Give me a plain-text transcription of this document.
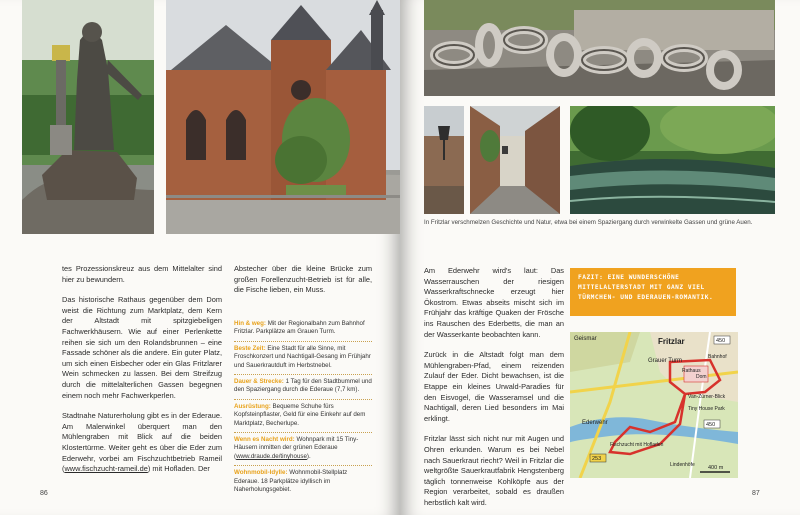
tes Prozessionskreuz aus dem Mittelalter sind hier zu bewundern.

Das historische Rathaus gegenüber dem Dom weist die Richtung zum Marktplatz, dem Kern der Altstadt mit spitzgiebeligen Fachwerkhäusern. Wie auf einer Perlenkette reihen sie sich um den Rolandsbrunnen – eine Fassade schöner als die andere. Ein guter Platz, um sich einen Eisbecher oder ein Glas Fritzlarer Wein schmecken zu lassen. Bei dem Streifzug durch die mittelalterlichen Gassen begegnen einem noch mehr Fachwerkperlen.

Stadtnahe Naturerholung gibt es in der Ederaue. Am Malerwinkel überquert man den Mühlengraben mit Blick auf die beiden Klostertürme. Weiter geht es über die Eder zum Ederwehr, vorbei am Fischzuchtbetrieb Rameil (www.fischzucht-rameil.de) mit Hofladen. Der

Abstecher über die kleine Brücke zum großen Forellenzucht-Betrieb ist für alle, die Fische lieben, ein Muss.

Hin & weg: Mit der Regionalbahn zum Bahnhof Fritzlar. Parkplätze am Grauen Turm.
Beste Zeit: Eine Stadt für alle Sinne, mit Froschkonzert und Nachtigall-Gesang im Frühjahr und Sauerkrautduft im Herbstnebel.
Dauer & Strecke: 1 Tag für den Stadtbummel und den Spaziergang durch die Ederaue (7,7 km).
Ausrüstung: Bequeme Schuhe fürs Kopfsteinpflaster, Geld für eine Einkehr auf dem Marktplatz, Becherlupe.
Wenn es Nacht wird: Wohnpark mit 15 Tiny-Häusern inmitten der grünen Ederaue (www.draude.de/tinyhouse).
Wohnmobil-Idylle: Wohnmobil-Stellplatz Ederaue. 18 Parkplätze idyllisch im Naherholungsgebiet.
86
In Fritzlar verschmelzen Geschichte und Natur, etwa bei einem Spaziergang durch verwinkelte Gassen und grüne Auen.

Am Ederwehr wird's laut: Das Wasserrauschen der riesigen Wasserkraftschnecke erzeugt hier Ökostrom. Etwas abseits mischt sich im Frühjahr das kräftige Quaken der Frösche ins Rauschen des Ederbetts, die man an der Wasserkante beobachten kann.

Zurück in die Altstadt folgt man dem Mühlengraben-Pfad, einem reizenden Zulauf der Eder. Dicht bewachsen, ist die Etappe ein kleines Urwald-Paradies für den Eisvogel, die Wasseramsel und die Nachtigall, deren Lied besonders im Mai erklingt.

Fritzlar lässt sich nicht nur mit Augen und Ohren erkunden. Warum es bei Nebel nach Sauerkraut riecht? Weil in Fritzlar die weltgrößte Sauerkrautfabrik Hengstenberg täglich tonnenweise Kohlköpfe aus der Region verarbeitet, sobald es draußen herbstlich kalt wird.

FAZIT: EINE WUNDERSCHÖNE MITTELALTERSTADT MIT GANZ VIEL TÜRMCHEN- UND EDERAUEN-ROMANTIK.
Geismar	Fritzlar
Grauer Turm
Rathaus
Dom
Tiny House Park
Ederwehr
Fischzucht mit Hofladen
Lindenhöfe
Van-Zürner-Blick
Bahnhof
450
450
253
400 m
87
